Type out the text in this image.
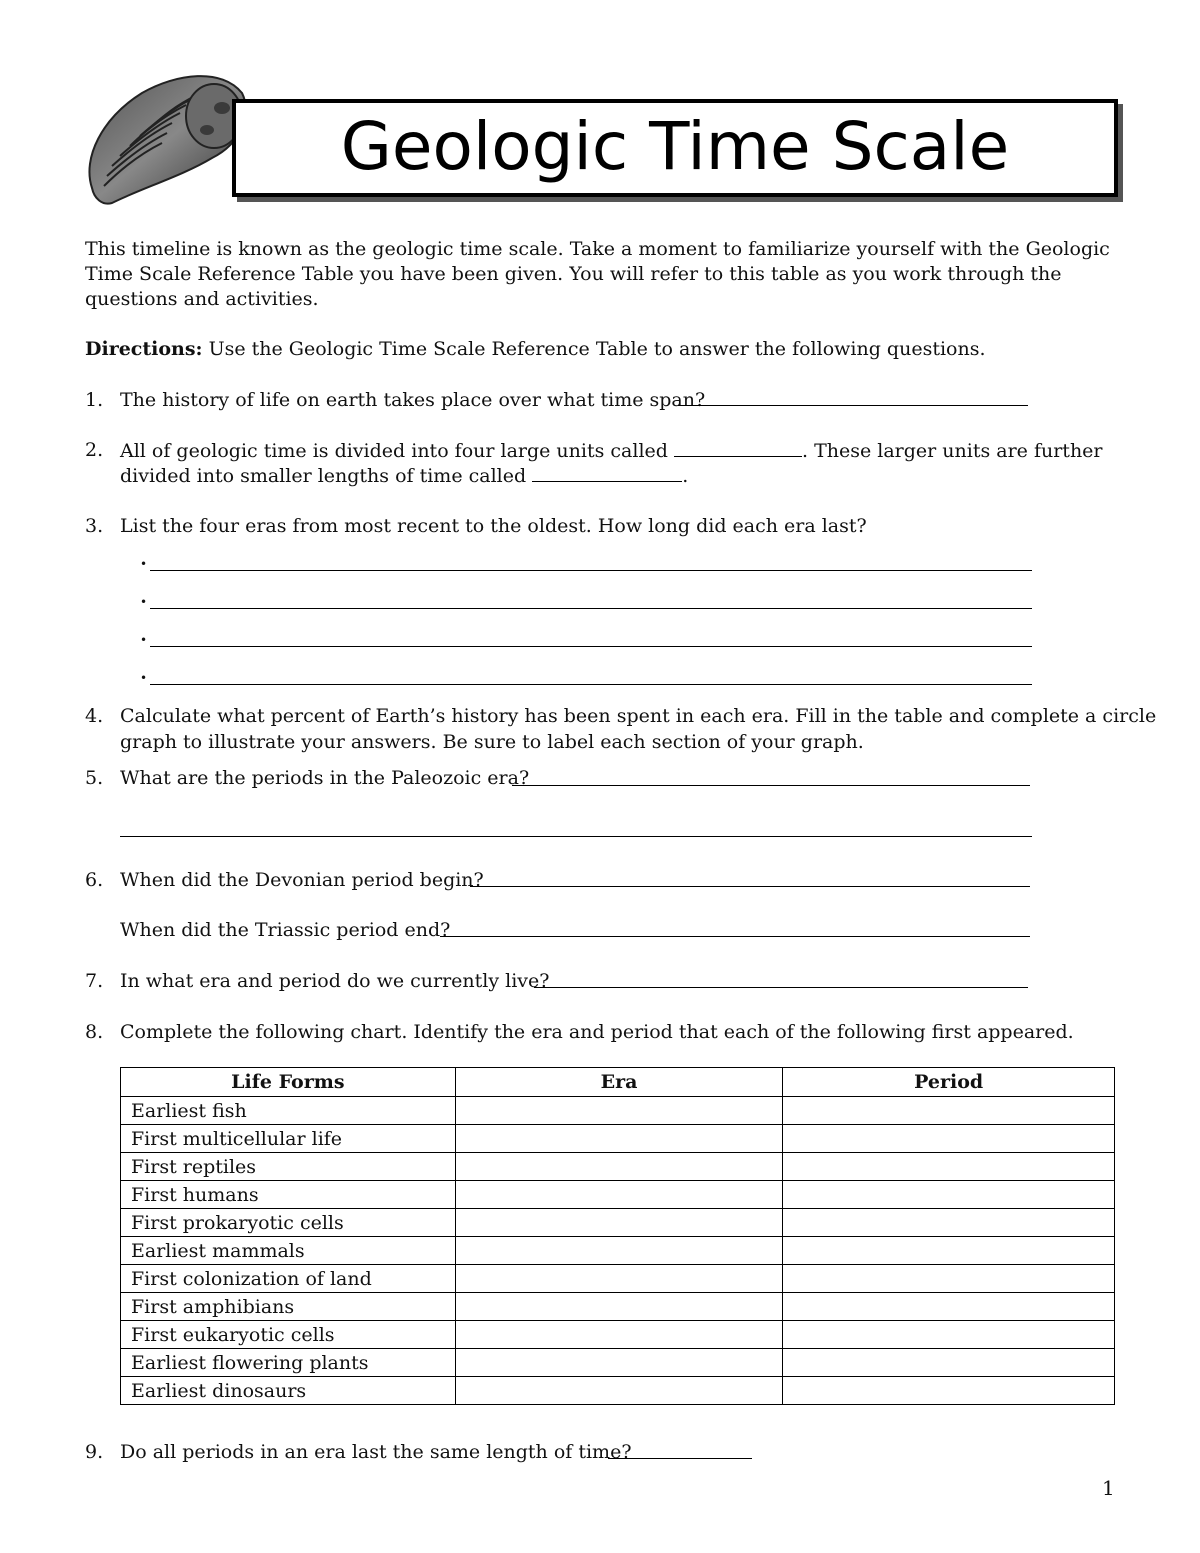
Geologic Time Scale
This timeline is known as the geologic time scale. Take a moment to familiarize yourself with the Geologic Time Scale Reference Table you have been given. You will refer to this table as you work through the questions and activities.
Directions: Use the Geologic Time Scale Reference Table to answer the following questions.
1. The history of life on earth takes place over what time span?
2. All of geologic time is divided into four large units called	. These larger units are further
divided into smaller lengths of time called	.
3. List the four eras from most recent to the oldest. How long did each era last?
•
•
•
•
4. Calculate what percent of Earth’s history has been spent in each era. Fill in the table and complete a circle
graph to illustrate your answers. Be sure to label each section of your graph.
5. What are the periods in the Paleozoic era?
6. When did the Devonian period begin?
When did the Triassic period end?
7. In what era and period do we currently live?
8. Complete the following chart. Identify the era and period that each of the following first appeared.
Life Forms	Era	Period
Earliest fish		
First multicellular life		
First reptiles		
First humans		
First prokaryotic cells		
Earliest mammals		
First colonization of land		
First amphibians		
First eukaryotic cells		
Earliest flowering plants		
Earliest dinosaurs		
9. Do all periods in an era last the same length of time?
1
